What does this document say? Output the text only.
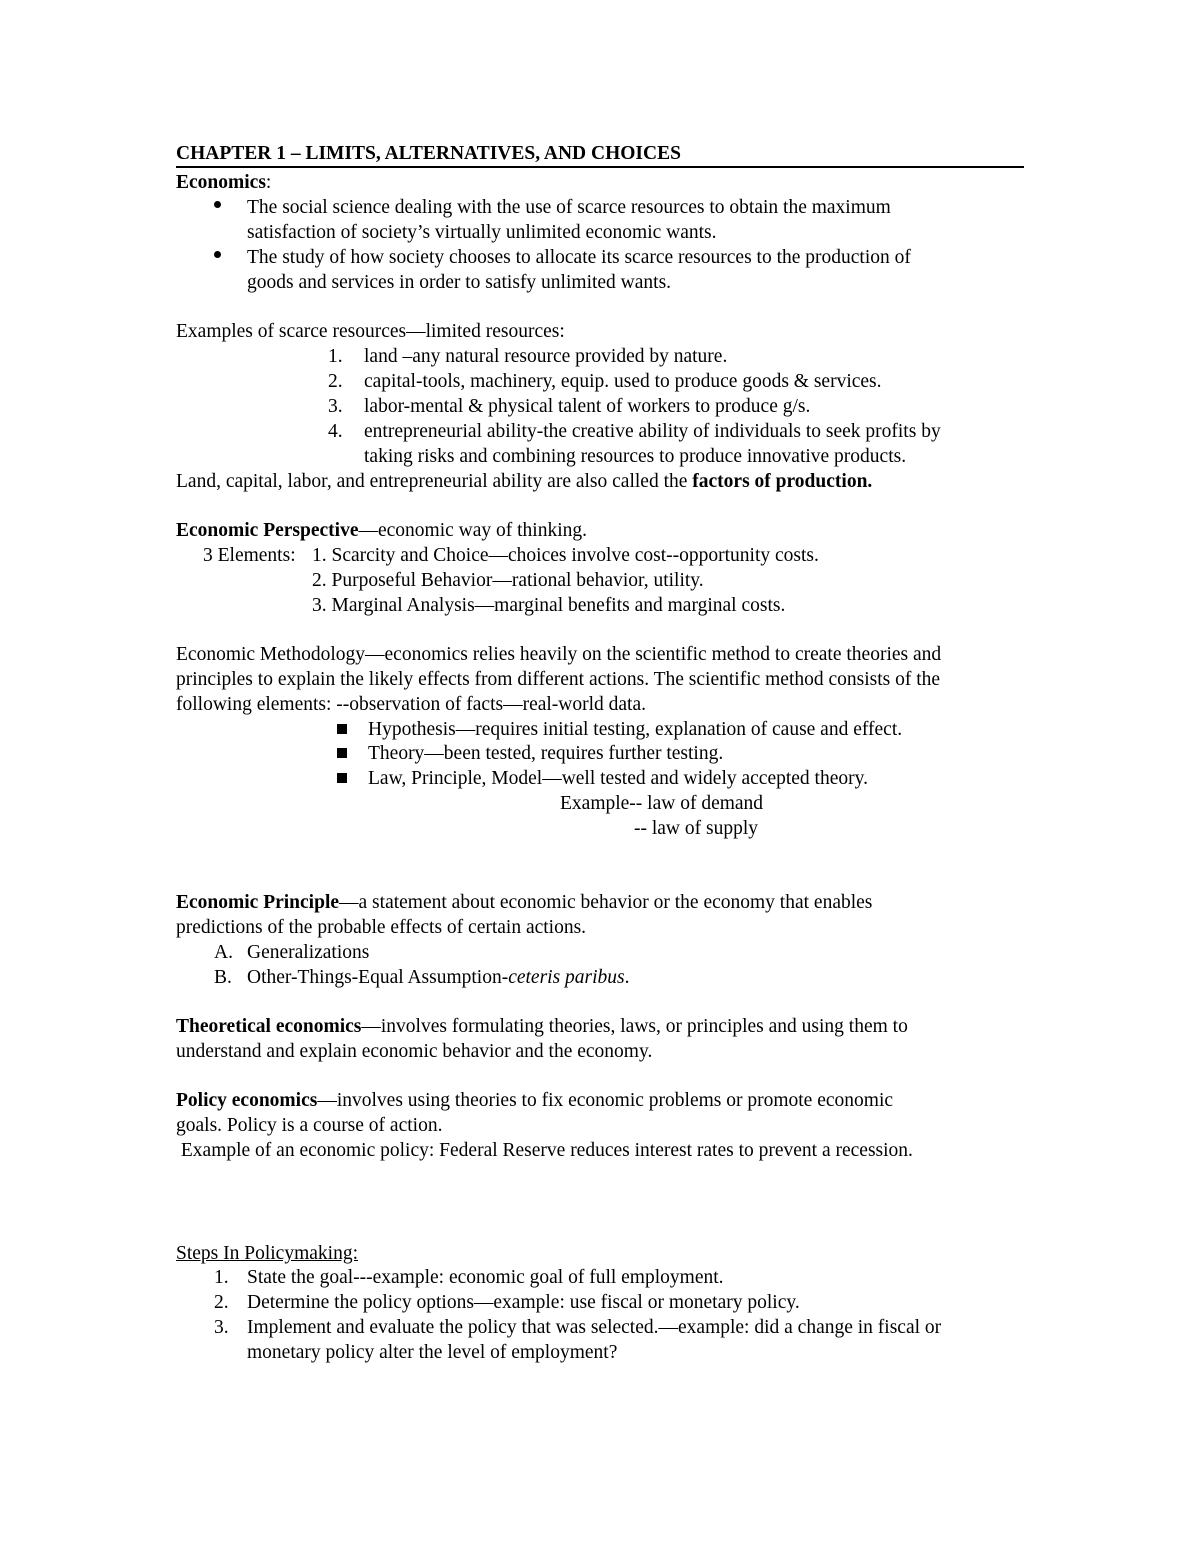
CHAPTER 1 – LIMITS, ALTERNATIVES, AND CHOICES
Economics:
The social science dealing with the use of scarce resources to obtain the maximum
satisfaction of society’s virtually unlimited economic wants.
The study of how society chooses to allocate its scarce resources to the production of
goods and services in order to satisfy unlimited wants.
Examples of scarce resources—limited resources:
1. land –any natural resource provided by nature.
2. capital-tools, machinery, equip. used to produce goods & services.
3. labor-mental & physical talent of workers to produce g/s.
4. entrepreneurial ability-the creative ability of individuals to seek profits by
taking risks and combining resources to produce innovative products.
Land, capital, labor, and entrepreneurial ability are also called the factors of production.
Economic Perspective—economic way of thinking.
3 Elements: 1. Scarcity and Choice—choices involve cost--opportunity costs.
2. Purposeful Behavior—rational behavior, utility.
3. Marginal Analysis—marginal benefits and marginal costs.
Economic Methodology—economics relies heavily on the scientific method to create theories and
principles to explain the likely effects from different actions. The scientific method consists of the
following elements: --observation of facts—real-world data.
Hypothesis—requires initial testing, explanation of cause and effect.
Theory—been tested, requires further testing.
Law, Principle, Model—well tested and widely accepted theory.
Example-- law of demand
-- law of supply
Economic Principle—a statement about economic behavior or the economy that enables
predictions of the probable effects of certain actions.
A. Generalizations
B. Other-Things-Equal Assumption-ceteris paribus.
Theoretical economics—involves formulating theories, laws, or principles and using them to
understand and explain economic behavior and the economy.
Policy economics—involves using theories to fix economic problems or promote economic
goals. Policy is a course of action.
Example of an economic policy: Federal Reserve reduces interest rates to prevent a recession.
Steps In Policymaking:
1. State the goal---example: economic goal of full employment.
2. Determine the policy options—example: use fiscal or monetary policy.
3. Implement and evaluate the policy that was selected.—example: did a change in fiscal or
monetary policy alter the level of employment?
